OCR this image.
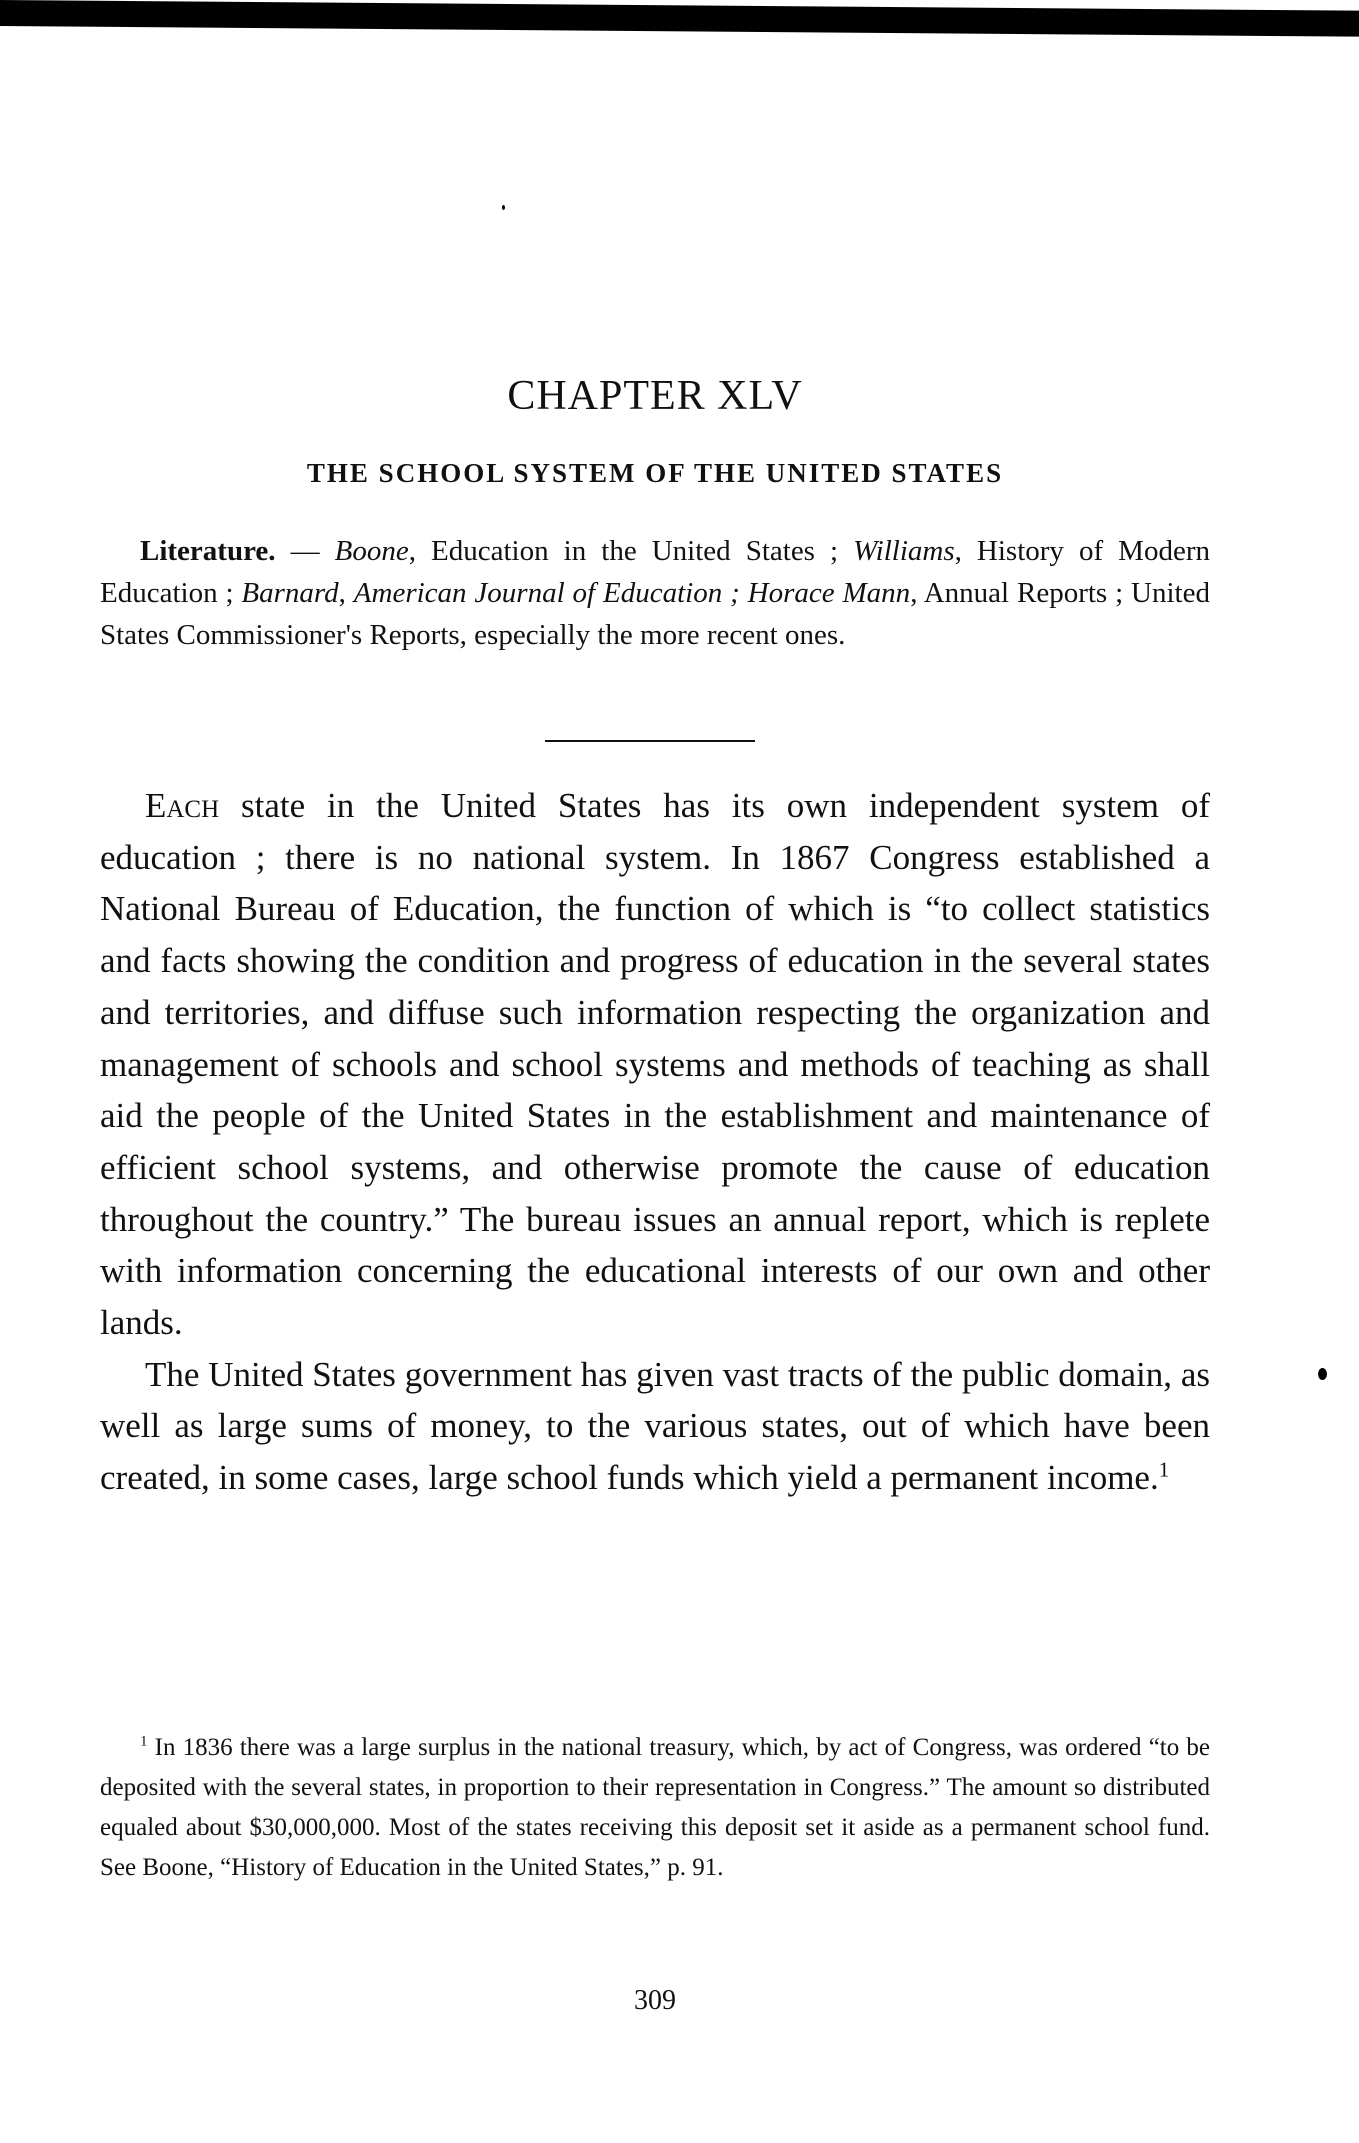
CHAPTER XLV
THE SCHOOL SYSTEM OF THE UNITED STATES
Literature. — Boone, Education in the United States ; Williams, History of Modern Education ; Barnard, American Journal of Education ; Horace Mann, Annual Reports ; United States Commissioner's Reports, especially the more recent ones.

Each state in the United States has its own independent system of education ; there is no national system. In 1867 Congress established a National Bureau of Education, the function of which is “to collect statistics and facts showing the condition and progress of education in the several states and territories, and diffuse such information respecting the organization and management of schools and school systems and methods of teaching as shall aid the people of the United States in the establishment and maintenance of efficient school systems, and otherwise promote the cause of education throughout the country.” The bureau issues an annual report, which is replete with information concerning the educational interests of our own and other lands.

The United States government has given vast tracts of the public domain, as well as large sums of money, to the various states, out of which have been created, in some cases, large school funds which yield a permanent income.$^1$

$^1$ In 1836 there was a large surplus in the national treasury, which, by act of Congress, was ordered “to be deposited with the several states, in proportion to their representation in Congress.” The amount so distributed equaled about $30,000,000. Most of the states receiving this deposit set it aside as a permanent school fund. See Boone, “History of Education in the United States,” p. 91.

309
